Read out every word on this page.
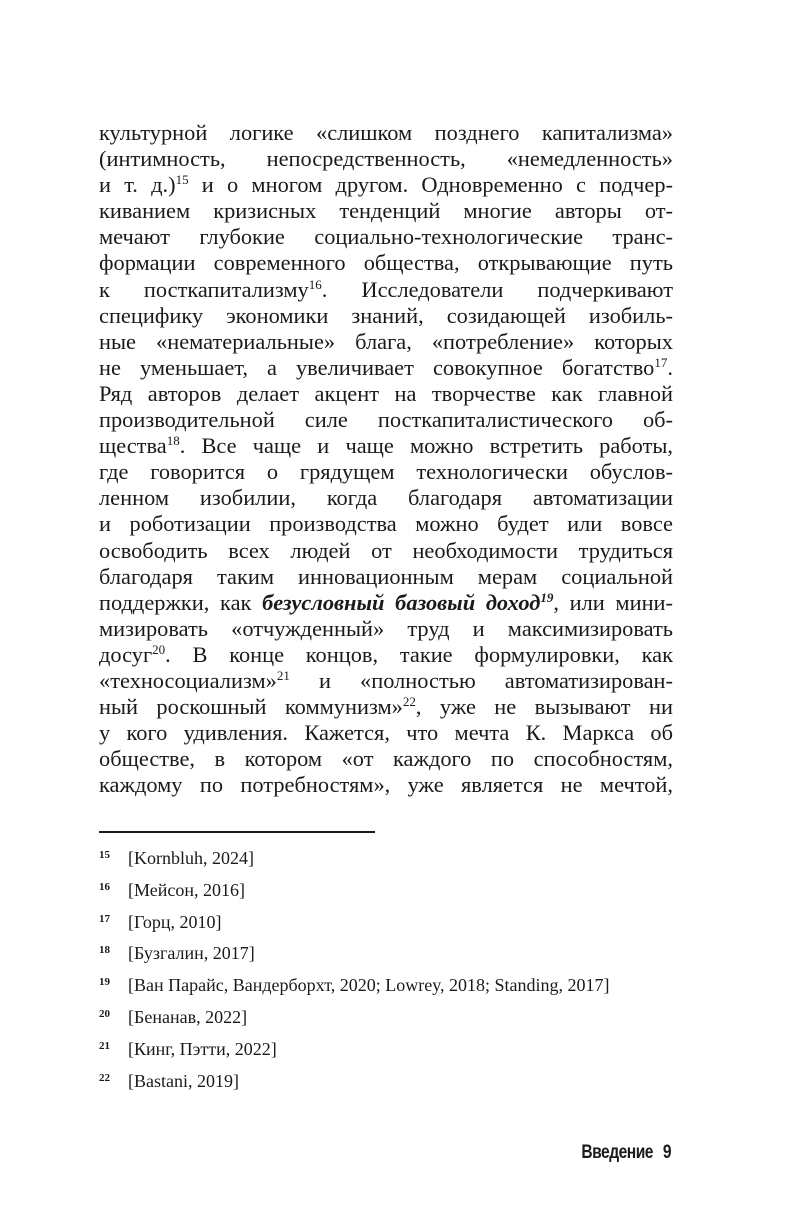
культурной логике «слишком позднего капитализма»
(интимность, непосредственность, «немедленность»
и т. д.)$^{15}$ и о многом другом. Одновременно с подчер-
киванием кризисных тенденций многие авторы от-
мечают глубокие социально-технологические транс-
формации современного общества, открывающие путь
к посткапитализму$^{16}$. Исследователи подчеркивают
специфику экономики знаний, созидающей изобиль-
ные «нематериальные» блага, «потребление» которых
не уменьшает, а увеличивает совокупное богатство$^{17}$.
Ряд авторов делает акцент на творчестве как главной
производительной силе посткапиталистического об-
щества$^{18}$. Все чаще и чаще можно встретить работы,
где говорится о грядущем технологически обуслов-
ленном изобилии, когда благодаря автоматизации
и роботизации производства можно будет или вовсе
освободить всех людей от необходимости трудиться
благодаря таким инновационным мерам социальной
поддержки, как безусловный базовый доход$^{19}$, или мини-
мизировать «отчужденный» труд и максимизировать
досуг$^{20}$. В конце концов, такие формулировки, как
«техносоциализм»$^{21}$ и «полностью автоматизирован-
ный роскошный коммунизм»$^{22}$, уже не вызывают ни
у кого удивления. Кажется, что мечта К. Маркса об
обществе, в котором «от каждого по способностям,
каждому по потребностям», уже является не мечтой,
15 [Kornbluh, 2024]
16 [Мейсон, 2016]
17 [Горц, 2010]
18 [Бузгалин, 2017]
19 [Ван Парайс, Вандерборхт, 2020; Lowrey, 2018; Standing, 2017]
20 [Бенанав, 2022]
21 [Кинг, Пэтти, 2022]
22 [Bastani, 2019]
Введение 9
